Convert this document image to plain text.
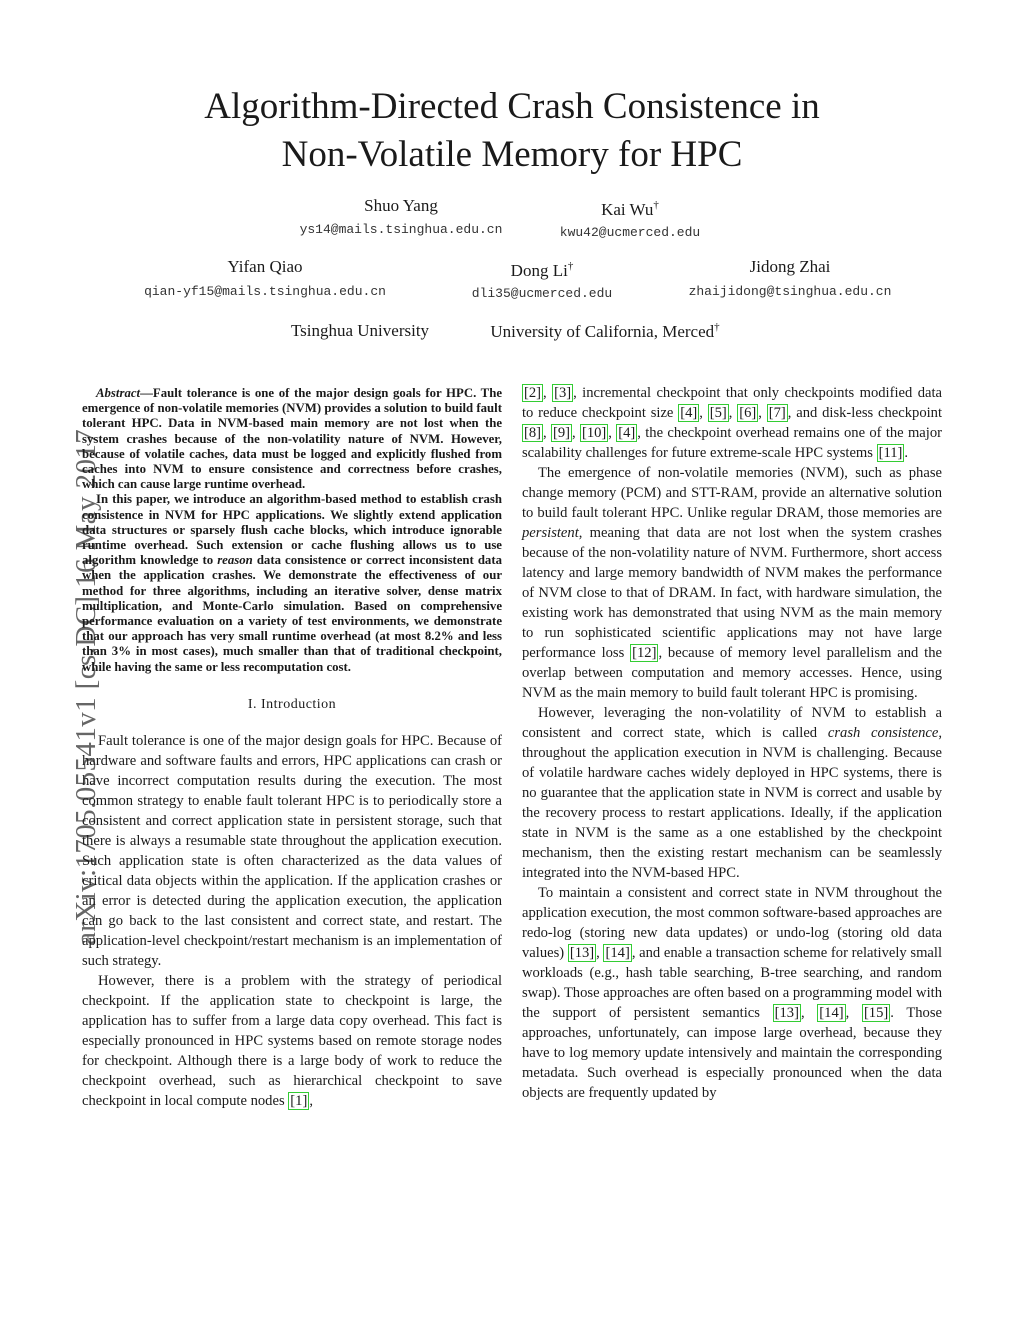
Algorithm-Directed Crash Consistence in
Non-Volatile Memory for HPC
Shuo Yang
ys14@mails.tsinghua.edu.cn
Kai Wu†
kwu42@ucmerced.edu
Yifan Qiao
qian-yf15@mails.tsinghua.edu.cn
Dong Li†
dli35@ucmerced.edu
Jidong Zhai
zhaijidong@tsinghua.edu.cn
Tsinghua University	University of California, Merced†
arXiv:1705.05541v1 [cs.DC] 16 May 2017

Abstract—Fault tolerance is one of the major design goals for HPC. The emergence of non-volatile memories (NVM) provides a solution to build fault tolerant HPC. Data in NVM-based main memory are not lost when the system crashes because of the non-volatility nature of NVM. However, because of volatile caches, data must be logged and explicitly flushed from caches into NVM to ensure consistence and correctness before crashes, which can cause large runtime overhead.

In this paper, we introduce an algorithm-based method to establish crash consistence in NVM for HPC applications. We slightly extend application data structures or sparsely flush cache blocks, which introduce ignorable runtime overhead. Such extension or cache flushing allows us to use algorithm knowledge to reason data consistence or correct inconsistent data when the application crashes. We demonstrate the effectiveness of our method for three algorithms, including an iterative solver, dense matrix multiplication, and Monte-Carlo simulation. Based on comprehensive performance evaluation on a variety of test environments, we demonstrate that our approach has very small runtime overhead (at most 8.2% and less than 3% in most cases), much smaller than that of traditional checkpoint, while having the same or less recomputation cost.

I. Introduction

Fault tolerance is one of the major design goals for HPC. Because of hardware and software faults and errors, HPC applications can crash or have incorrect computation results during the execution. The most common strategy to enable fault tolerant HPC is to periodically store a consistent and correct application state in persistent storage, such that there is always a resumable state throughout the application execution. Such application state is often characterized as the data values of critical data objects within the application. If the application crashes or an error is detected during the application execution, the application can go back to the last consistent and correct state, and restart. The application-level checkpoint/restart mechanism is an implementation of such strategy.

However, there is a problem with the strategy of periodical checkpoint. If the application state to checkpoint is large, the application has to suffer from a large data copy overhead. This fact is especially pronounced in HPC systems based on remote storage nodes for checkpoint. Although there is a large body of work to reduce the checkpoint overhead, such as hierarchical checkpoint to save checkpoint in local compute nodes [1] ,

[2] , [3] , incremental checkpoint that only checkpoints modified data to reduce checkpoint size [4] , [5] , [6] , [7] , and disk-less checkpoint [8] , [9] , [10] , [4] , the checkpoint overhead remains one of the major scalability challenges for future extreme-scale HPC systems [11] .

The emergence of non-volatile memories (NVM), such as phase change memory (PCM) and STT-RAM, provide an alternative solution to build fault tolerant HPC. Unlike regular DRAM, those memories are persistent, meaning that data are not lost when the system crashes because of the non-volatility nature of NVM. Furthermore, short access latency and large memory bandwidth of NVM makes the performance of NVM close to that of DRAM. In fact, with hardware simulation, the existing work has demonstrated that using NVM as the main memory to run sophisticated scientific applications may not have large performance loss [12] , because of memory level parallelism and the overlap between computation and memory accesses. Hence, using NVM as the main memory to build fault tolerant HPC is promising.

However, leveraging the non-volatility of NVM to establish a consistent and correct state, which is called crash consistence, throughout the application execution in NVM is challenging. Because of volatile hardware caches widely deployed in HPC systems, there is no guarantee that the application state in NVM is correct and usable by the recovery process to restart applications. Ideally, if the application state in NVM is the same as a one established by the checkpoint mechanism, then the existing restart mechanism can be seamlessly integrated into the NVM-based HPC.

To maintain a consistent and correct state in NVM throughout the application execution, the most common software-based approaches are redo-log (storing new data updates) or undo-log (storing old data values) [13] , [14] , and enable a transaction scheme for relatively small workloads (e.g., hash table searching, B-tree searching, and random swap). Those approaches are often based on a programming model with the support of persistent semantics [13] , [14] , [15] . Those approaches, unfortunately, can impose large overhead, because they have to log memory update intensively and maintain the corresponding metadata. Such overhead is especially pronounced when the data objects are frequently updated by
